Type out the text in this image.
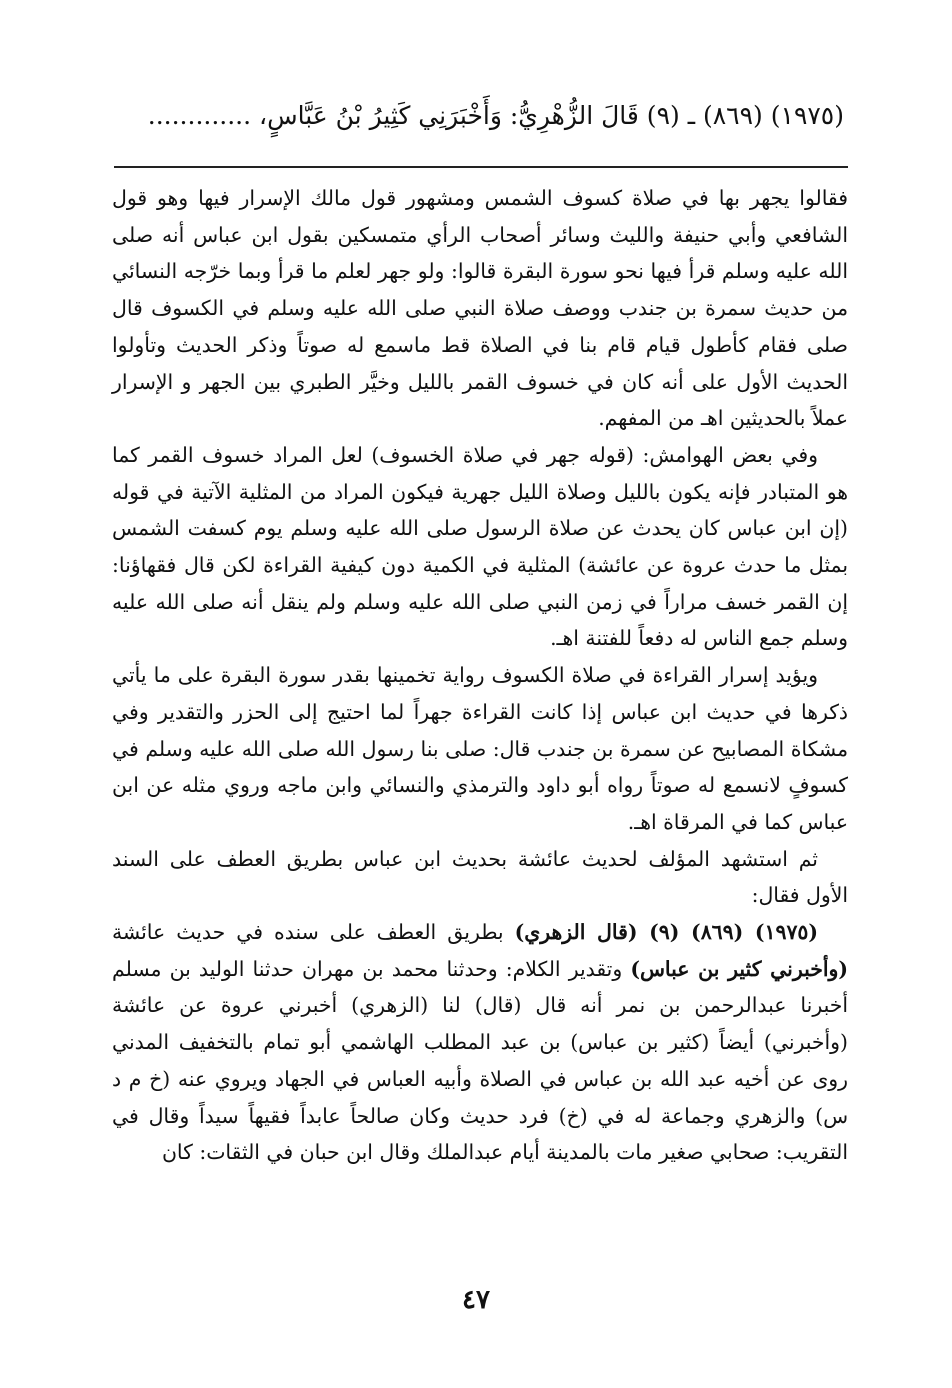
(١٩٧٥) (٨٦٩) ـ (٩) قَالَ الزُّهْرِيُّ: وَأَخْبَرَنِي كَثِيرُ بْنُ عَبَّاسٍ، .............

فقالوا يجهر بها في صلاة كسوف الشمس ومشهور قول مالك الإسرار فيها وهو قول الشافعي وأبي حنيفة والليث وسائر أصحاب الرأي متمسكين بقول ابن عباس أنه صلى الله عليه وسلم قرأ فيها نحو سورة البقرة قالوا: ولو جهر لعلم ما قرأ وبما خرّجه النسائي من حديث سمرة بن جندب ووصف صلاة النبي صلى الله عليه وسلم في الكسوف قال صلى فقام كأطول قيام قام بنا في الصلاة قط ماسمع له صوتاً وذكر الحديث وتأولوا الحديث الأول على أنه كان في خسوف القمر بالليل وخيَّر الطبري بين الجهر و الإسرار عملاً بالحديثين اهـ من المفهم.

وفي بعض الهوامش: (قوله جهر في صلاة الخسوف) لعل المراد خسوف القمر كما هو المتبادر فإنه يكون بالليل وصلاة الليل جهرية فيكون المراد من المثلية الآتية في قوله (إن ابن عباس كان يحدث عن صلاة الرسول صلى الله عليه وسلم يوم كسفت الشمس بمثل ما حدث عروة عن عائشة) المثلية في الكمية دون كيفية القراءة لكن قال فقهاؤنا: إن القمر خسف مراراً في زمن النبي صلى الله عليه وسلم ولم ينقل أنه صلى الله عليه وسلم جمع الناس له دفعاً للفتنة اهـ.

ويؤيد إسرار القراءة في صلاة الكسوف رواية تخمينها بقدر سورة البقرة على ما يأتي ذكرها في حديث ابن عباس إذا كانت القراءة جهراً لما احتيج إلى الحزر والتقدير وفي مشكاة المصابيح عن سمرة بن جندب قال: صلى بنا رسول الله صلى الله عليه وسلم في كسوفٍ لانسمع له صوتاً رواه أبو داود والترمذي والنسائي وابن ماجه وروي مثله عن ابن عباس كما في المرقاة اهـ.

ثم استشهد المؤلف لحديث عائشة بحديث ابن عباس بطريق العطف على السند الأول فقال:

(١٩٧٥) (٨٦٩) (٩) (قال الزهري) بطريق العطف على سنده في حديث عائشة (وأخبرني كثير بن عباس) وتقدير الكلام: وحدثنا محمد بن مهران حدثنا الوليد بن مسلم أخبرنا عبدالرحمن بن نمر أنه قال (قال) لنا (الزهري) أخبرني عروة عن عائشة (وأخبرني) أيضاً (كثير بن عباس) بن عبد المطلب الهاشمي أبو تمام بالتخفيف المدني روى عن أخيه عبد الله بن عباس في الصلاة وأبيه العباس في الجهاد ويروي عنه (خ م د س) والزهري وجماعة له في (خ) فرد حديث وكان صالحاً عابداً فقيهاً سيداً وقال في التقريب: صحابي صغير مات بالمدينة أيام عبدالملك وقال ابن حبان في الثقات: كان

٤٧
